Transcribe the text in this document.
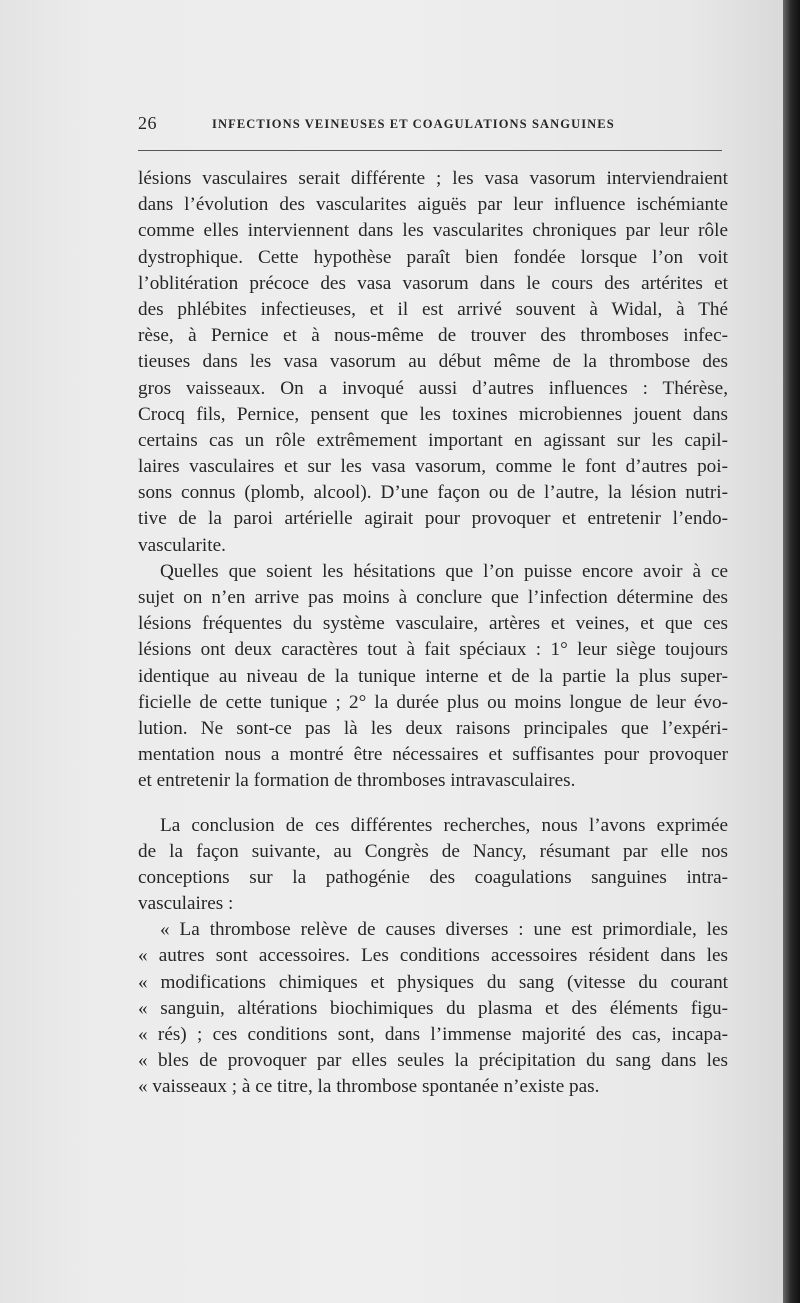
26	INFECTIONS VEINEUSES ET COAGULATIONS SANGUINES
lésions vasculaires serait différente ; les vasa vasorum interviendraient
dans l’évolution des vascularites aiguës par leur influence ischémiante
comme elles interviennent dans les vascularites chroniques par leur rôle
dystrophique. Cette hypothèse paraît bien fondée lorsque l’on voit
l’oblitération précoce des vasa vasorum dans le cours des artérites et
des phlébites infectieuses, et il est arrivé souvent à Widal, à Thé
rèse, à Pernice et à nous-même de trouver des thromboses infec-
tieuses dans les vasa vasorum au début même de la thrombose des
gros vaisseaux. On a invoqué aussi d’autres influences : Thérèse,
Crocq fils, Pernice, pensent que les toxines microbiennes jouent dans
certains cas un rôle extrêmement important en agissant sur les capil-
laires vasculaires et sur les vasa vasorum, comme le font d’autres poi-
sons connus (plomb, alcool). D’une façon ou de l’autre, la lésion nutri-
tive de la paroi artérielle agirait pour provoquer et entretenir l’endo-
vascularite.
Quelles que soient les hésitations que l’on puisse encore avoir à ce
sujet on n’en arrive pas moins à conclure que l’infection détermine des
lésions fréquentes du système vasculaire, artères et veines, et que ces
lésions ont deux caractères tout à fait spéciaux : 1° leur siège toujours
identique au niveau de la tunique interne et de la partie la plus super-
ficielle de cette tunique ; 2° la durée plus ou moins longue de leur évo-
lution. Ne sont-ce pas là les deux raisons principales que l’expéri-
mentation nous a montré être nécessaires et suffisantes pour provoquer
et entretenir la formation de thromboses intravasculaires.
La conclusion de ces différentes recherches, nous l’avons exprimée
de la façon suivante, au Congrès de Nancy, résumant par elle nos
conceptions sur la pathogénie des coagulations sanguines intra-
vasculaires :
« La thrombose relève de causes diverses : une est primordiale, les
« autres sont accessoires. Les conditions accessoires résident dans les
« modifications chimiques et physiques du sang (vitesse du courant
« sanguin, altérations biochimiques du plasma et des éléments figu-
« rés) ; ces conditions sont, dans l’immense majorité des cas, incapa-
« bles de provoquer par elles seules la précipitation du sang dans les
« vaisseaux ; à ce titre, la thrombose spontanée n’existe pas.
